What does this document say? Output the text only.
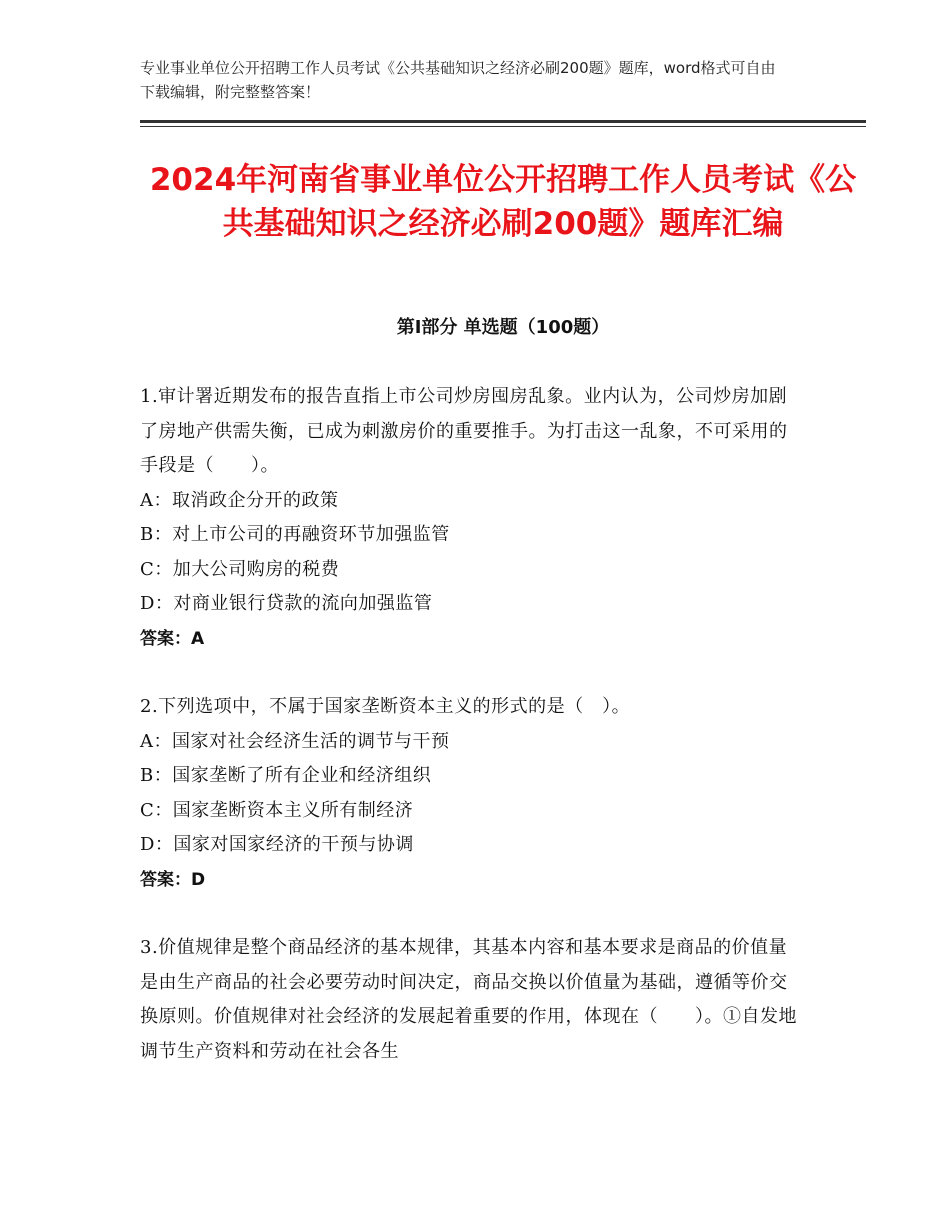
专业事业单位公开招聘工作人员考试《公共基础知识之经济必刷200题》题库，word格式可自由下载编辑，附完整整答案！
2024年河南省事业单位公开招聘工作人员考试《公共基础知识之经济必刷200题》题库汇编
第Ⅰ部分 单选题（100题）

1.审计署近期发布的报告直指上市公司炒房囤房乱象。业内认为，公司炒房加剧了房地产供需失衡，已成为刺激房价的重要推手。为打击这一乱象，不可采用的手段是（　　）。

A：取消政企分开的政策

B：对上市公司的再融资环节加强监管

C：加大公司购房的税费

D：对商业银行贷款的流向加强监管

答案：A

2.下列选项中，不属于国家垄断资本主义的形式的是（　）。

A：国家对社会经济生活的调节与干预

B：国家垄断了所有企业和经济组织

C：国家垄断资本主义所有制经济

D：国家对国家经济的干预与协调

答案：D

3.价值规律是整个商品经济的基本规律，其基本内容和基本要求是商品的价值量是由生产商品的社会必要劳动时间决定，商品交换以价值量为基础，遵循等价交换原则。价值规律对社会经济的发展起着重要的作用，体现在（　　）。①自发地调节生产资料和劳动在社会各生
